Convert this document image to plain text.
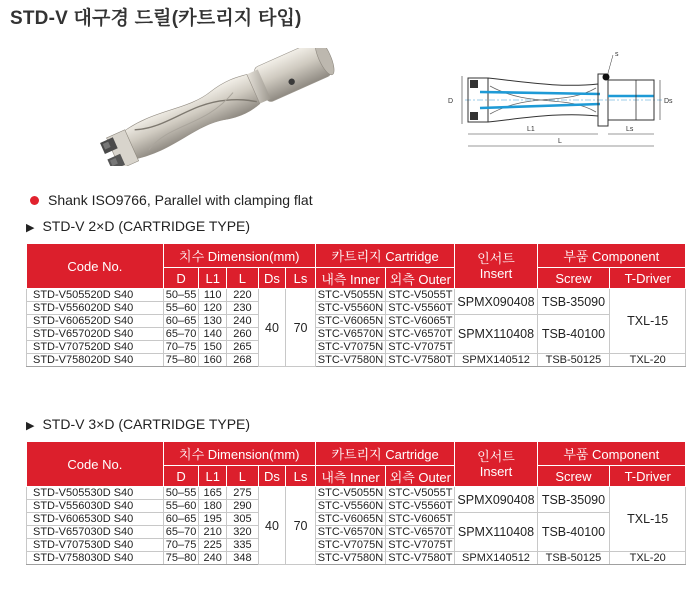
STD-V 대구경 드릴(카트리지 타입)
s
D	Ds
L1	Ls
L
Shank ISO9766, Parallel with clamping flat
▶ STD-V 2×D (CARTRIDGE TYPE)
Code No.	치수 Dimension(mm)					카트리지 Cartridge		인서트
Insert	부품 Component	
	D	L1	L	Ds	Ls	내측 Inner	외측 Outer		Screw	T-Driver
STD-V505520D S40	50–55	110	220	40	70	STC-V5055N	STC-V5055T	SPMX090408	TSB-35090	TXL-15
STD-V556020D S40	55–60	120	230			STC-V5560N	STC-V5560T			
STD-V606520D S40	60–65	130	240			STC-V6065N	STC-V6065T	SPMX110408	TSB-40100	
STD-V657020D S40	65–70	140	260			STC-V6570N	STC-V6570T			
STD-V707520D S40	70–75	150	265			STC-V7075N	STC-V7075T			
STD-V758020D S40	75–80	160	268			STC-V7580N	STC-V7580T	SPMX140512	TSB-50125	TXL-20
▶ STD-V 3×D (CARTRIDGE TYPE)
Code No.	치수 Dimension(mm)					카트리지 Cartridge		인서트
Insert	부품 Component	
	D	L1	L	Ds	Ls	내측 Inner	외측 Outer		Screw	T-Driver
STD-V505530D S40	50–55	165	275	40	70	STC-V5055N	STC-V5055T	SPMX090408	TSB-35090	TXL-15
STD-V556030D S40	55–60	180	290			STC-V5560N	STC-V5560T			
STD-V606530D S40	60–65	195	305			STC-V6065N	STC-V6065T	SPMX110408	TSB-40100	
STD-V657030D S40	65–70	210	320			STC-V6570N	STC-V6570T			
STD-V707530D S40	70–75	225	335			STC-V7075N	STC-V7075T			
STD-V758030D S40	75–80	240	348			STC-V7580N	STC-V7580T	SPMX140512	TSB-50125	TXL-20
